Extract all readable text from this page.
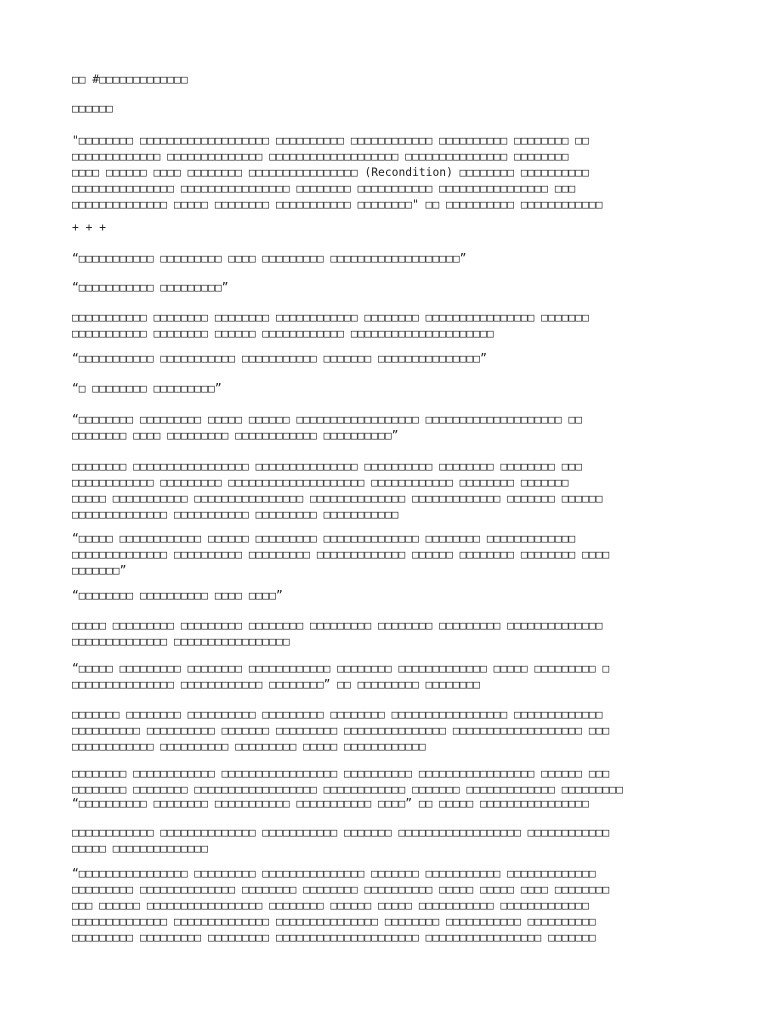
□□ #□□□□□□□□□□□□□
□□□□□□
"□□□□□□□□ □□□□□□□□□□□□□□□□□□□ □□□□□□□□□□ □□□□□□□□□□□□ □□□□□□□□□□ □□□□□□□□ □□
□□□□□□□□□□□□□ □□□□□□□□□□□□□□ □□□□□□□□□□□□□□□□□□□ □□□□□□□□□□□□□□□ □□□□□□□□
□□□□ □□□□□□ □□□□ □□□□□□□□ □□□□□□□□□□□□□□□□ (Recondition) □□□□□□□□ □□□□□□□□□□
□□□□□□□□□□□□□□□ □□□□□□□□□□□□□□□□ □□□□□□□□ □□□□□□□□□□□ □□□□□□□□□□□□□□□□ □□□
□□□□□□□□□□□□□□ □□□□□ □□□□□□□□ □□□□□□□□□□□ □□□□□□□□" □□ □□□□□□□□□□ □□□□□□□□□□□□
+ + +
“□□□□□□□□□□□ □□□□□□□□□ □□□□ □□□□□□□□□ □□□□□□□□□□□□□□□□□□□”
“□□□□□□□□□□□ □□□□□□□□□”
□□□□□□□□□□□ □□□□□□□□ □□□□□□□□ □□□□□□□□□□□□ □□□□□□□□ □□□□□□□□□□□□□□□□ □□□□□□□
□□□□□□□□□□□ □□□□□□□□ □□□□□□ □□□□□□□□□□□□ □□□□□□□□□□□□□□□□□□□□□
“□□□□□□□□□□□ □□□□□□□□□□□ □□□□□□□□□□□ □□□□□□□ □□□□□□□□□□□□□□□”
“□ □□□□□□□□ □□□□□□□□□”
“□□□□□□□□ □□□□□□□□□ □□□□□ □□□□□□ □□□□□□□□□□□□□□□□□□ □□□□□□□□□□□□□□□□□□□□ □□
□□□□□□□□ □□□□ □□□□□□□□□ □□□□□□□□□□□□ □□□□□□□□□□”
□□□□□□□□ □□□□□□□□□□□□□□□□□ □□□□□□□□□□□□□□□ □□□□□□□□□□ □□□□□□□□ □□□□□□□□ □□□
□□□□□□□□□□□□ □□□□□□□□□ □□□□□□□□□□□□□□□□□□□□ □□□□□□□□□□□□ □□□□□□□□ □□□□□□□
□□□□□ □□□□□□□□□□□ □□□□□□□□□□□□□□□□ □□□□□□□□□□□□□□ □□□□□□□□□□□□□ □□□□□□□ □□□□□□
□□□□□□□□□□□□□□ □□□□□□□□□□□ □□□□□□□□□ □□□□□□□□□□□
“□□□□□ □□□□□□□□□□□□ □□□□□□ □□□□□□□□□ □□□□□□□□□□□□□□ □□□□□□□□ □□□□□□□□□□□□□
□□□□□□□□□□□□□□ □□□□□□□□□□ □□□□□□□□□ □□□□□□□□□□□□□ □□□□□□ □□□□□□□□ □□□□□□□□ □□□□
□□□□□□□”
“□□□□□□□□ □□□□□□□□□□ □□□□ □□□□”
□□□□□ □□□□□□□□□ □□□□□□□□□ □□□□□□□□ □□□□□□□□□ □□□□□□□□ □□□□□□□□□ □□□□□□□□□□□□□□
□□□□□□□□□□□□□□ □□□□□□□□□□□□□□□□□
“□□□□□ □□□□□□□□□ □□□□□□□□ □□□□□□□□□□□□ □□□□□□□□ □□□□□□□□□□□□□ □□□□□ □□□□□□□□□ □
□□□□□□□□□□□□□□□ □□□□□□□□□□□□ □□□□□□□□” □□ □□□□□□□□□ □□□□□□□□
□□□□□□□ □□□□□□□□ □□□□□□□□□□ □□□□□□□□□ □□□□□□□□ □□□□□□□□□□□□□□□□□ □□□□□□□□□□□□□
□□□□□□□□□□ □□□□□□□□□□ □□□□□□□ □□□□□□□□□ □□□□□□□□□□□□□□□ □□□□□□□□□□□□□□□□□□□ □□□
□□□□□□□□□□□□ □□□□□□□□□□ □□□□□□□□□ □□□□□ □□□□□□□□□□□□
□□□□□□□□ □□□□□□□□□□□□ □□□□□□□□□□□□□□□□□ □□□□□□□□□□ □□□□□□□□□□□□□□□□□ □□□□□□ □□□
□□□□□□□□ □□□□□□□□ □□□□□□□□□□□□□□□□□□ □□□□□□□□□□□□ □□□□□□□ □□□□□□□□□□□□□ □□□□□□□□□
“□□□□□□□□□□ □□□□□□□□ □□□□□□□□□□□ □□□□□□□□□□□ □□□□” □□ □□□□□ □□□□□□□□□□□□□□□□
□□□□□□□□□□□□ □□□□□□□□□□□□□□ □□□□□□□□□□□ □□□□□□□ □□□□□□□□□□□□□□□□□□ □□□□□□□□□□□□
□□□□□ □□□□□□□□□□□□□□
“□□□□□□□□□□□□□□□□ □□□□□□□□□ □□□□□□□□□□□□□□□ □□□□□□□ □□□□□□□□□□□ □□□□□□□□□□□□□
□□□□□□□□□ □□□□□□□□□□□□□□ □□□□□□□□ □□□□□□□□ □□□□□□□□□□ □□□□□ □□□□□ □□□□ □□□□□□□□
□□□ □□□□□□ □□□□□□□□□□□□□□□□□ □□□□□□□□ □□□□□□ □□□□□ □□□□□□□□□□□ □□□□□□□□□□□□□
□□□□□□□□□□□□□□ □□□□□□□□□□□□□□ □□□□□□□□□□□□□□□ □□□□□□□□ □□□□□□□□□□□ □□□□□□□□□□
□□□□□□□□□ □□□□□□□□□ □□□□□□□□□ □□□□□□□□□□□□□□□□□□□□□ □□□□□□□□□□□□□□□□□ □□□□□□□
